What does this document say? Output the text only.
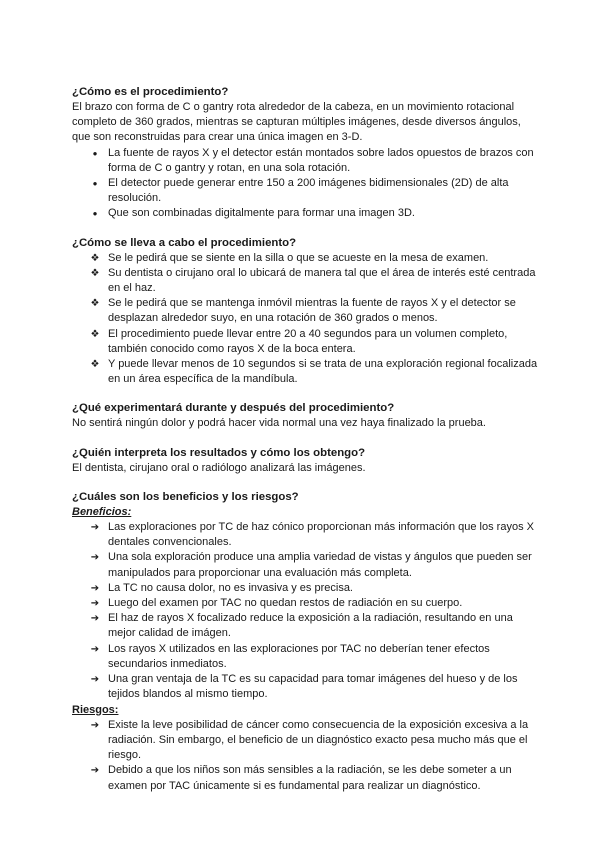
¿Cómo es el procedimiento?

El brazo con forma de C o gantry rota alrededor de la cabeza, en un movimiento rotacional completo de 360 grados, mientras se capturan múltiples imágenes, desde diversos ángulos, que son reconstruidas para crear una única imagen en 3-D.

● La fuente de rayos X y el detector están montados sobre lados opuestos de brazos con forma de C o gantry y rotan, en una sola rotación.
● El detector puede generar entre 150 a 200 imágenes bidimensionales (2D) de alta resolución.
● Que son combinadas digitalmente para formar una imagen 3D.
¿Cómo se lleva a cabo el procedimiento?
❖ Se le pedirá que se siente en la silla o que se acueste en la mesa de examen.
❖ Su dentista o cirujano oral lo ubicará de manera tal que el área de interés esté centrada en el haz.
❖ Se le pedirá que se mantenga inmóvil mientras la fuente de rayos X y el detector se desplazan alrededor suyo, en una rotación de 360 grados o menos.
❖ El procedimiento puede llevar entre 20 a 40 segundos para un volumen completo, también conocido como rayos X de la boca entera.
❖ Y puede llevar menos de 10 segundos si se trata de una exploración regional focalizada en un área específica de la mandíbula.
¿Qué experimentará durante y después del procedimiento?

No sentirá ningún dolor y podrá hacer vida normal una vez haya finalizado la prueba.

¿Quién interpreta los resultados y cómo los obtengo?

El dentista, cirujano oral o radiólogo analizará las imágenes.

¿Cuáles son los beneficios y los riesgos?
Beneficios:
➔ Las exploraciones por TC de haz cónico proporcionan más información que los rayos X dentales convencionales.
➔ Una sola exploración produce una amplia variedad de vistas y ángulos que pueden ser manipulados para proporcionar una evaluación más completa.
➔ La TC no causa dolor, no es invasiva y es precisa.
➔ Luego del examen por TAC no quedan restos de radiación en su cuerpo.
➔ El haz de rayos X focalizado reduce la exposición a la radiación, resultando en una mejor calidad de imágen.
➔ Los rayos X utilizados en las exploraciones por TAC no deberían tener efectos secundarios inmediatos.
➔ Una gran ventaja de la TC es su capacidad para tomar imágenes del hueso y de los tejidos blandos al mismo tiempo.
Riesgos:
➔ Existe la leve posibilidad de cáncer como consecuencia de la exposición excesiva a la radiación. Sin embargo, el beneficio de un diagnóstico exacto pesa mucho más que el riesgo.
➔ Debido a que los niños son más sensibles a la radiación, se les debe someter a un examen por TAC únicamente si es fundamental para realizar un diagnóstico.
